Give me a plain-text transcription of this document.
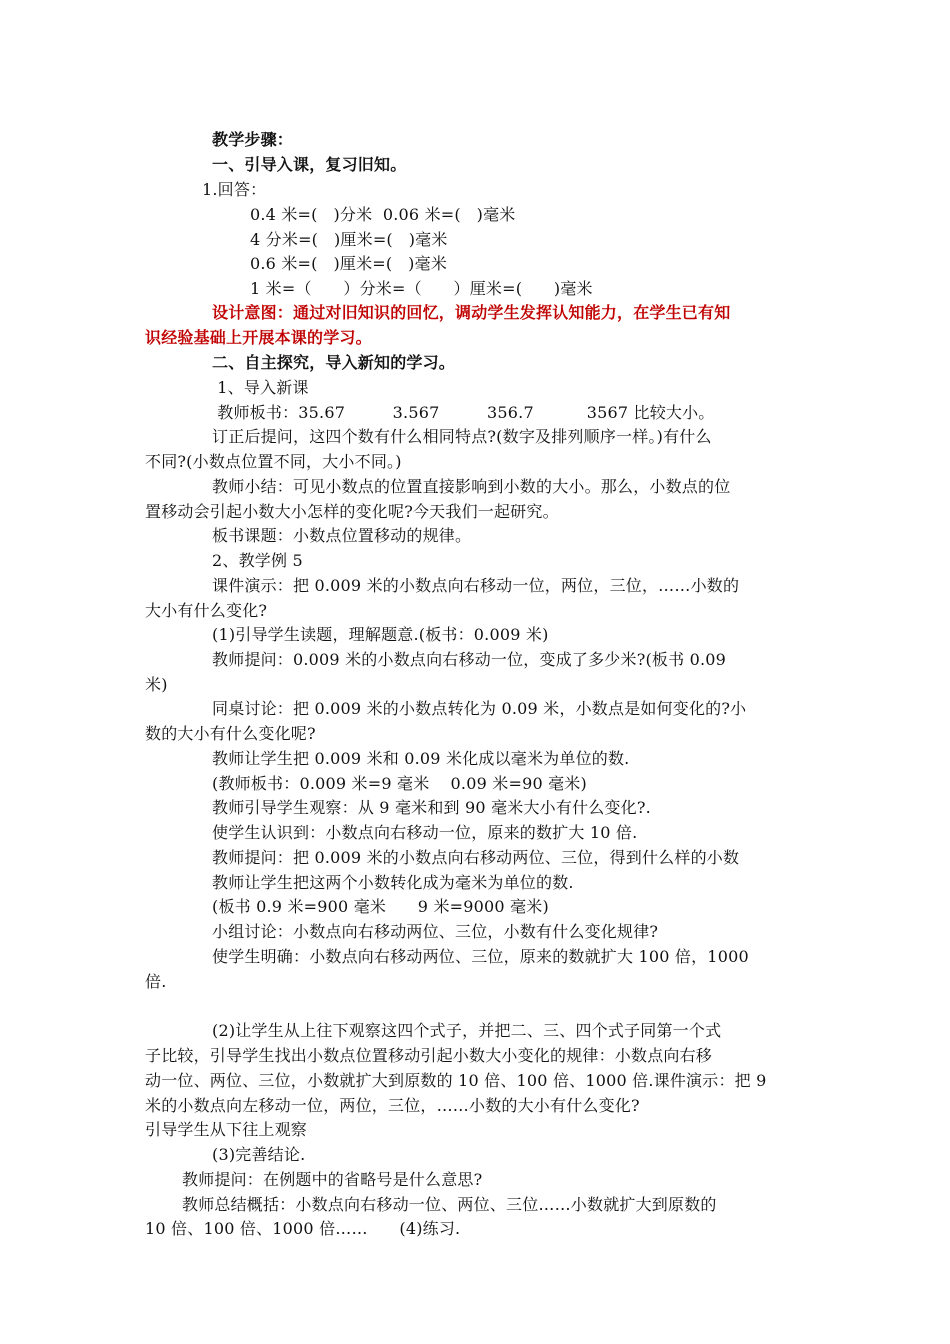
教学步骤：
一、引导入课，复习旧知。
1.回答：
0.4 米=(   )分米  0.06 米=(   )毫米
4 分米=(   )厘米=(   )毫米
0.6 米=(   )厘米=(   )毫米
1 米=（      ）分米=（      ）厘米=(      )毫米
设计意图：通过对旧知识的回忆，调动学生发挥认知能力，在学生已有知
识经验基础上开展本课的学习。
二、自主探究，导入新知的学习。
1、导入新课
教师板书：35.67         3.567         356.7          3567 比较大小。
订正后提问，这四个数有什么相同特点?(数字及排列顺序一样。)有什么
不同?(小数点位置不同，大小不同。)
教师小结：可见小数点的位置直接影响到小数的大小。那么，小数点的位
置移动会引起小数大小怎样的变化呢?今天我们一起研究。
板书课题：小数点位置移动的规律。
2、教学例 5
课件演示：把 0.009 米的小数点向右移动一位，两位，三位，……小数的
大小有什么变化?
(1)引导学生读题，理解题意.(板书：0.009 米)
教师提问：0.009 米的小数点向右移动一位，变成了多少米?(板书 0.09
米)
同桌讨论：把 0.009 米的小数点转化为 0.09 米，小数点是如何变化的?小
数的大小有什么变化呢?
教师让学生把 0.009 米和 0.09 米化成以毫米为单位的数.
(教师板书：0.009 米=9 毫米    0.09 米=90 毫米)
教师引导学生观察：从 9 毫米和到 90 毫米大小有什么变化?.
使学生认识到：小数点向右移动一位，原来的数扩大 10 倍.
教师提问：把 0.009 米的小数点向右移动两位、三位，得到什么样的小数
教师让学生把这两个小数转化成为毫米为单位的数.
(板书 0.9 米=900 毫米      9 米=9000 毫米)
小组讨论：小数点向右移动两位、三位，小数有什么变化规律?
使学生明确：小数点向右移动两位、三位，原来的数就扩大 100 倍，1000
倍.
(2)让学生从上往下观察这四个式子，并把二、三、四个式子同第一个式
子比较，引导学生找出小数点位置移动引起小数大小变化的规律：小数点向右移
动一位、两位、三位，小数就扩大到原数的 10 倍、100 倍、1000 倍.课件演示：把 9
米的小数点向左移动一位，两位，三位，……小数的大小有什么变化?
引导学生从下往上观察
(3)完善结论.
教师提问：在例题中的省略号是什么意思?
教师总结概括：小数点向右移动一位、两位、三位……小数就扩大到原数的
10 倍、100 倍、1000 倍……      (4)练习.
